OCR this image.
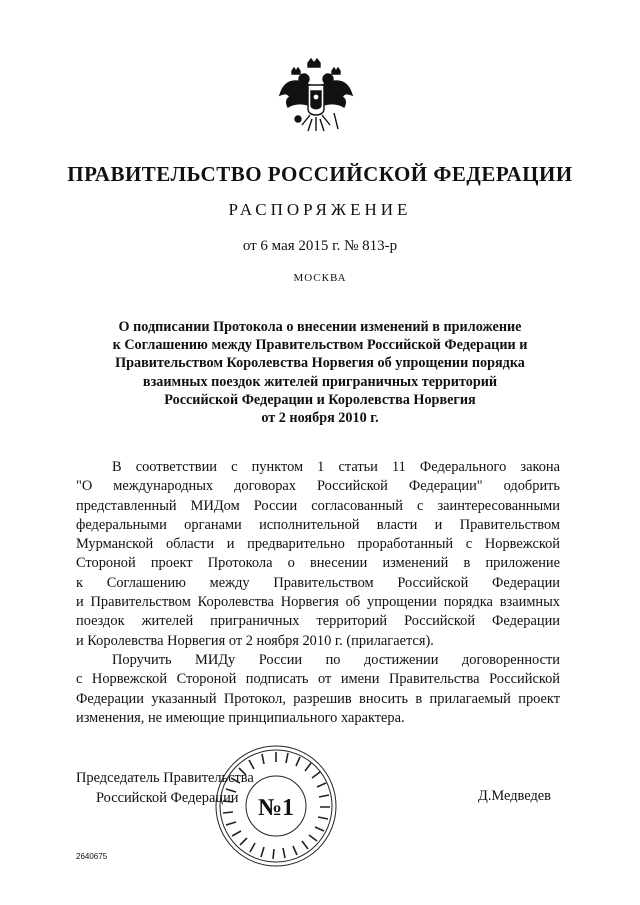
ПРАВИТЕЛЬСТВО РОССИЙСКОЙ ФЕДЕРАЦИИ
РАСПОРЯЖЕНИЕ
от 6 мая 2015 г. № 813-р
МОСКВА
О подписании Протокола о внесении изменений в приложение
к Соглашению между Правительством Российской Федерации и
Правительством Королевства Норвегия об упрощении порядка
взаимных поездок жителей приграничных территорий
Российской Федерации и Королевства Норвегия
от 2 ноября 2010 г.
В соответствии с пунктом 1 статьи 11 Федерального закона
"О международных договорах Российской Федерации" одобрить
представленный МИДом России согласованный с заинтересованными
федеральными органами исполнительной власти и Правительством
Мурманской области и предварительно проработанный с Норвежской
Стороной проект Протокола о внесении изменений в приложение
к Соглашению между Правительством Российской Федерации
и Правительством Королевства Норвегия об упрощении порядка взаимных
поездок жителей приграничных территорий Российской Федерации
и Королевства Норвегия от 2 ноября 2010 г. (прилагается).
Поручить МИДу России по достижении договоренности
с Норвежской Стороной подписать от имени Правительства Российской
Федерации указанный Протокол, разрешив вносить в прилагаемый проект
изменения, не имеющие принципиального характера.
Председатель Правительства
Российской Федерации №1	Д.Медведев
2640675
